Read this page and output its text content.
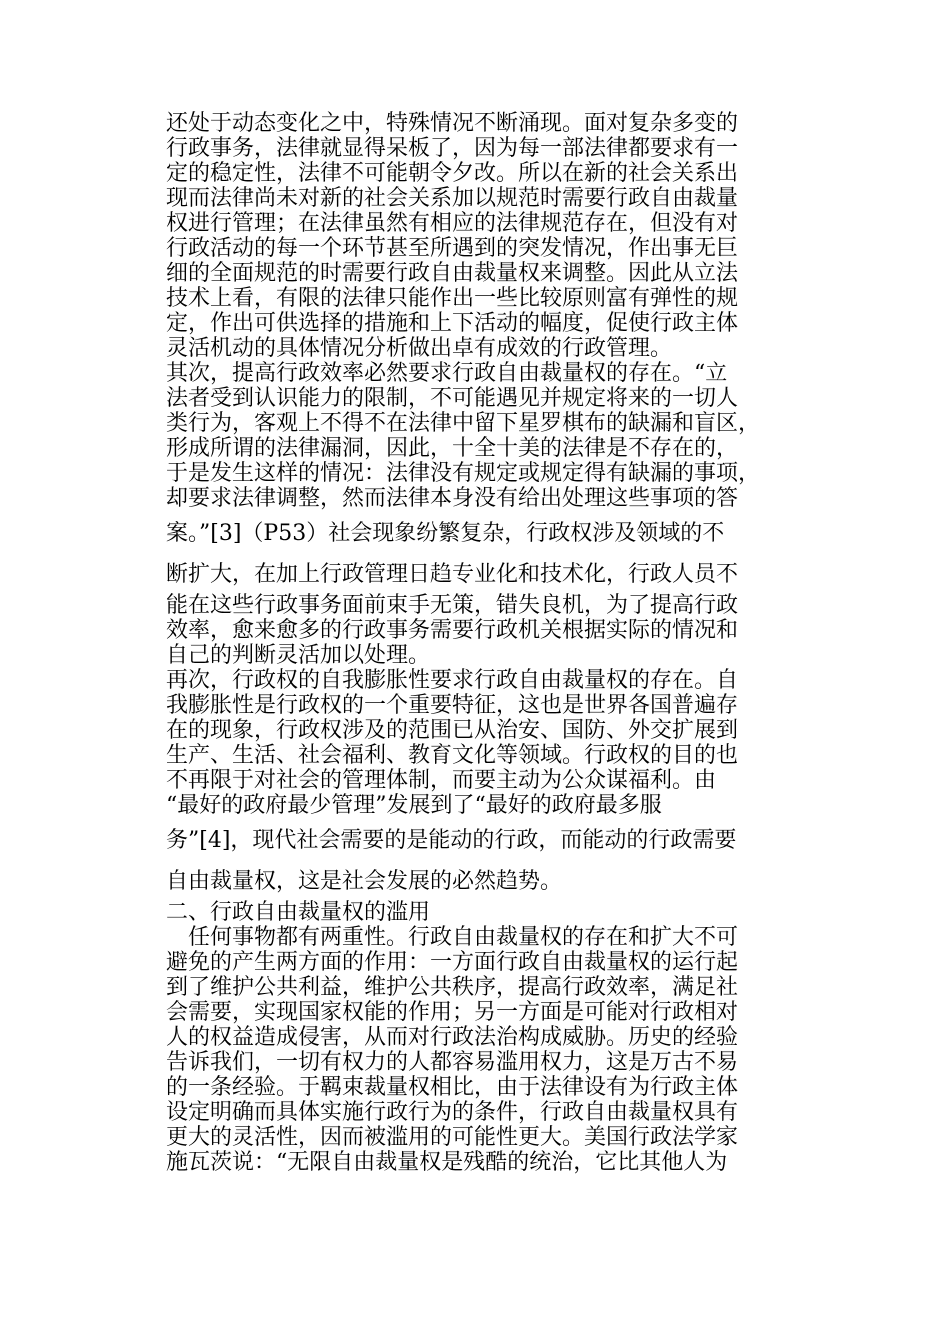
还处于动态变化之中，特殊情况不断涌现。面对复杂多变的
行政事务，法律就显得呆板了，因为每一部法律都要求有一
定的稳定性，法律不可能朝令夕改。所以在新的社会关系出
现而法律尚未对新的社会关系加以规范时需要行政自由裁量
权进行管理；在法律虽然有相应的法律规范存在，但没有对
行政活动的每一个环节甚至所遇到的突发情况，作出事无巨
细的全面规范的时需要行政自由裁量权来调整。因此从立法
技术上看，有限的法律只能作出一些比较原则富有弹性的规
定，作出可供选择的措施和上下活动的幅度，促使行政主体
灵活机动的具体情况分析做出卓有成效的行政管理。
其次，提高行政效率必然要求行政自由裁量权的存在。“立
法者受到认识能力的限制，不可能遇见并规定将来的一切人
类行为，客观上不得不在法律中留下星罗棋布的缺漏和盲区，
形成所谓的法律漏洞，因此，十全十美的法律是不存在的，
于是发生这样的情况：法律没有规定或规定得有缺漏的事项，
却要求法律调整，然而法律本身没有给出处理这些事项的答
案。”[3]（P53）社会现象纷繁复杂，行政权涉及领域的不
断扩大，在加上行政管理日趋专业化和技术化，行政人员不
能在这些行政事务面前束手无策，错失良机，为了提高行政
效率，愈来愈多的行政事务需要行政机关根据实际的情况和
自己的判断灵活加以处理。
再次，行政权的自我膨胀性要求行政自由裁量权的存在。自
我膨胀性是行政权的一个重要特征，这也是世界各国普遍存
在的现象，行政权涉及的范围已从治安、国防、外交扩展到
生产、生活、社会福利、教育文化等领域。行政权的目的也
不再限于对社会的管理体制，而要主动为公众谋福利。由
“最好的政府最少管理”发展到了“最好的政府最多服
务”[4]，现代社会需要的是能动的行政，而能动的行政需要
自由裁量权，这是社会发展的必然趋势。
二、行政自由裁量权的滥用
　任何事物都有两重性。行政自由裁量权的存在和扩大不可
避免的产生两方面的作用：一方面行政自由裁量权的运行起
到了维护公共利益，维护公共秩序，提高行政效率，满足社
会需要，实现国家权能的作用；另一方面是可能对行政相对
人的权益造成侵害，从而对行政法治构成威胁。历史的经验
告诉我们，一切有权力的人都容易滥用权力，这是万古不易
的一条经验。于羁束裁量权相比，由于法律设有为行政主体
设定明确而具体实施行政行为的条件，行政自由裁量权具有
更大的灵活性，因而被滥用的可能性更大。美国行政法学家
施瓦茨说：“无限自由裁量权是残酷的统治，它比其他人为
